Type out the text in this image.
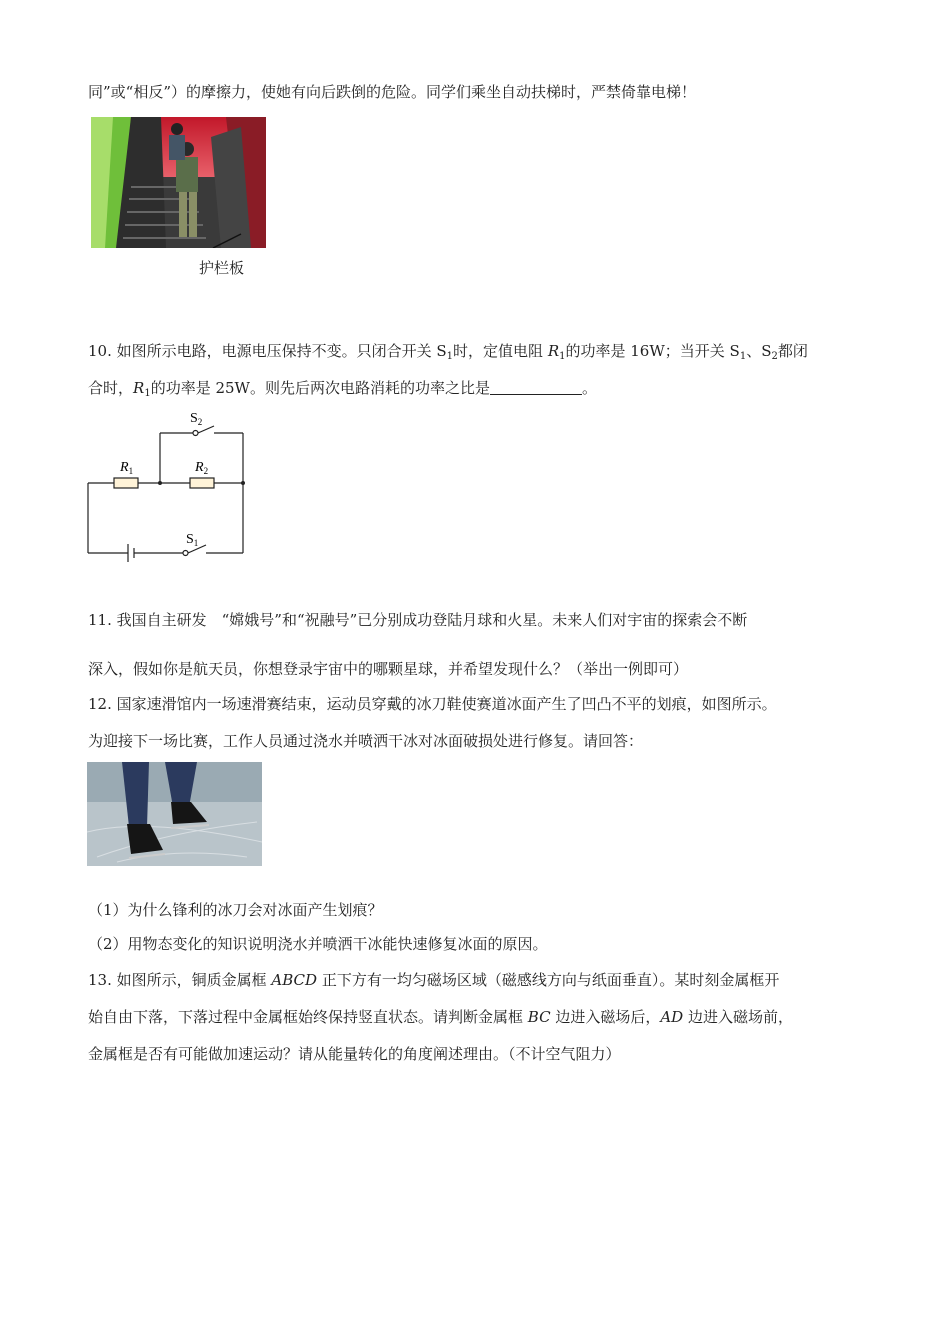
同”或“相反”）的摩擦力，使她有向后跌倒的危险。同学们乘坐自动扶梯时，严禁倚靠电梯！
护栏板
10. 如图所示电路，电源电压保持不变。只闭合开关 $S_1$时，定值电阻 $R_1$的功率是 16W；当开关 $S_1$、$S_2$都闭
合时，$R_1$的功率是 25W。则先后两次电路消耗的功率之比是	。
$S_2$
$R_1$	$R_2$
$S_1$
11. 我国自主研发　“嫦娥号”和“祝融号”已分别成功登陆月球和火星。未来人们对宇宙的探索会不断
深入，假如你是航天员，你想登录宇宙中的哪颗星球，并希望发现什么？（举出一例即可）
12. 国家速滑馆内一场速滑赛结束，运动员穿戴的冰刀鞋使赛道冰面产生了凹凸不平的划痕，如图所示。
为迎接下一场比赛，工作人员通过浇水并喷洒干冰对冰面破损处进行修复。请回答：
（1）为什么锋利的冰刀会对冰面产生划痕？
（2）用物态变化的知识说明浇水并喷洒干冰能快速修复冰面的原因。
13. 如图所示，铜质金属框 ABCD 正下方有一均匀磁场区域（磁感线方向与纸面垂直）。某时刻金属框开
始自由下落，下落过程中金属框始终保持竖直状态。请判断金属框 BC 边进入磁场后，AD 边进入磁场前，
金属框是否有可能做加速运动？请从能量转化的角度阐述理由。（不计空气阻力）
